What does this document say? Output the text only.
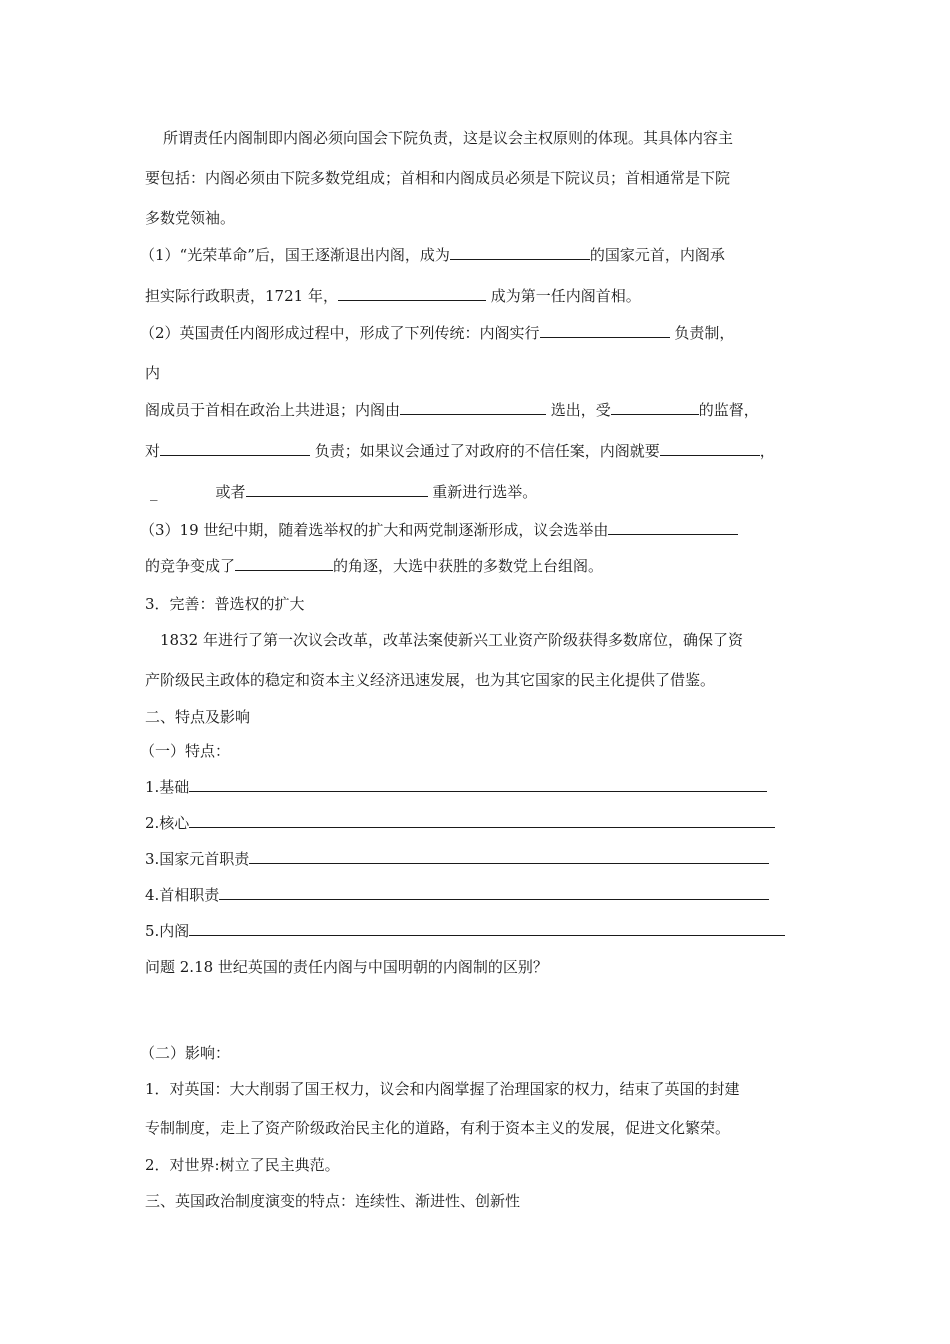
所谓责任内阁制即内阁必须向国会下院负责，这是议会主权原则的体现。其具体内容主
要包括：内阁必须由下院多数党组成；首相和内阁成员必须是下院议员；首相通常是下院
多数党领袖。
（1）“光荣革命”后，国王逐渐退出内阁，成为	的国家元首，内阁承
担实际行政职责，1721 年，	成为第一任内阁首相。
（2）英国责任内阁形成过程中，形成了下列传统：内阁实行	负责制，
内
阁成员于首相在政治上共进退；内阁由	选出，受	的监督，
对	负责；如果议会通过了对政府的不信任案，内阁就要	，
_	或者	重新进行选举。
（3）19 世纪中期，随着选举权的扩大和两党制逐渐形成，议会选举由
的竞争变成了	的角逐，大选中获胜的多数党上台组阁。
3．完善：普选权的扩大
1832 年进行了第一次议会改革，改革法案使新兴工业资产阶级获得多数席位，确保了资
产阶级民主政体的稳定和资本主义经济迅速发展，也为其它国家的民主化提供了借鉴。
二、特点及影响
（一）特点：
1.基础
2.核心
3.国家元首职责
4.首相职责
5.内阁
问题 2.18 世纪英国的责任内阁与中国明朝的内阁制的区别？
（二）影响：
1．对英国：大大削弱了国王权力，议会和内阁掌握了治理国家的权力，结束了英国的封建
专制制度，走上了资产阶级政治民主化的道路，有利于资本主义的发展，促进文化繁荣。
2．对世界:树立了民主典范。
三、英国政治制度演变的特点：连续性、渐进性、创新性
